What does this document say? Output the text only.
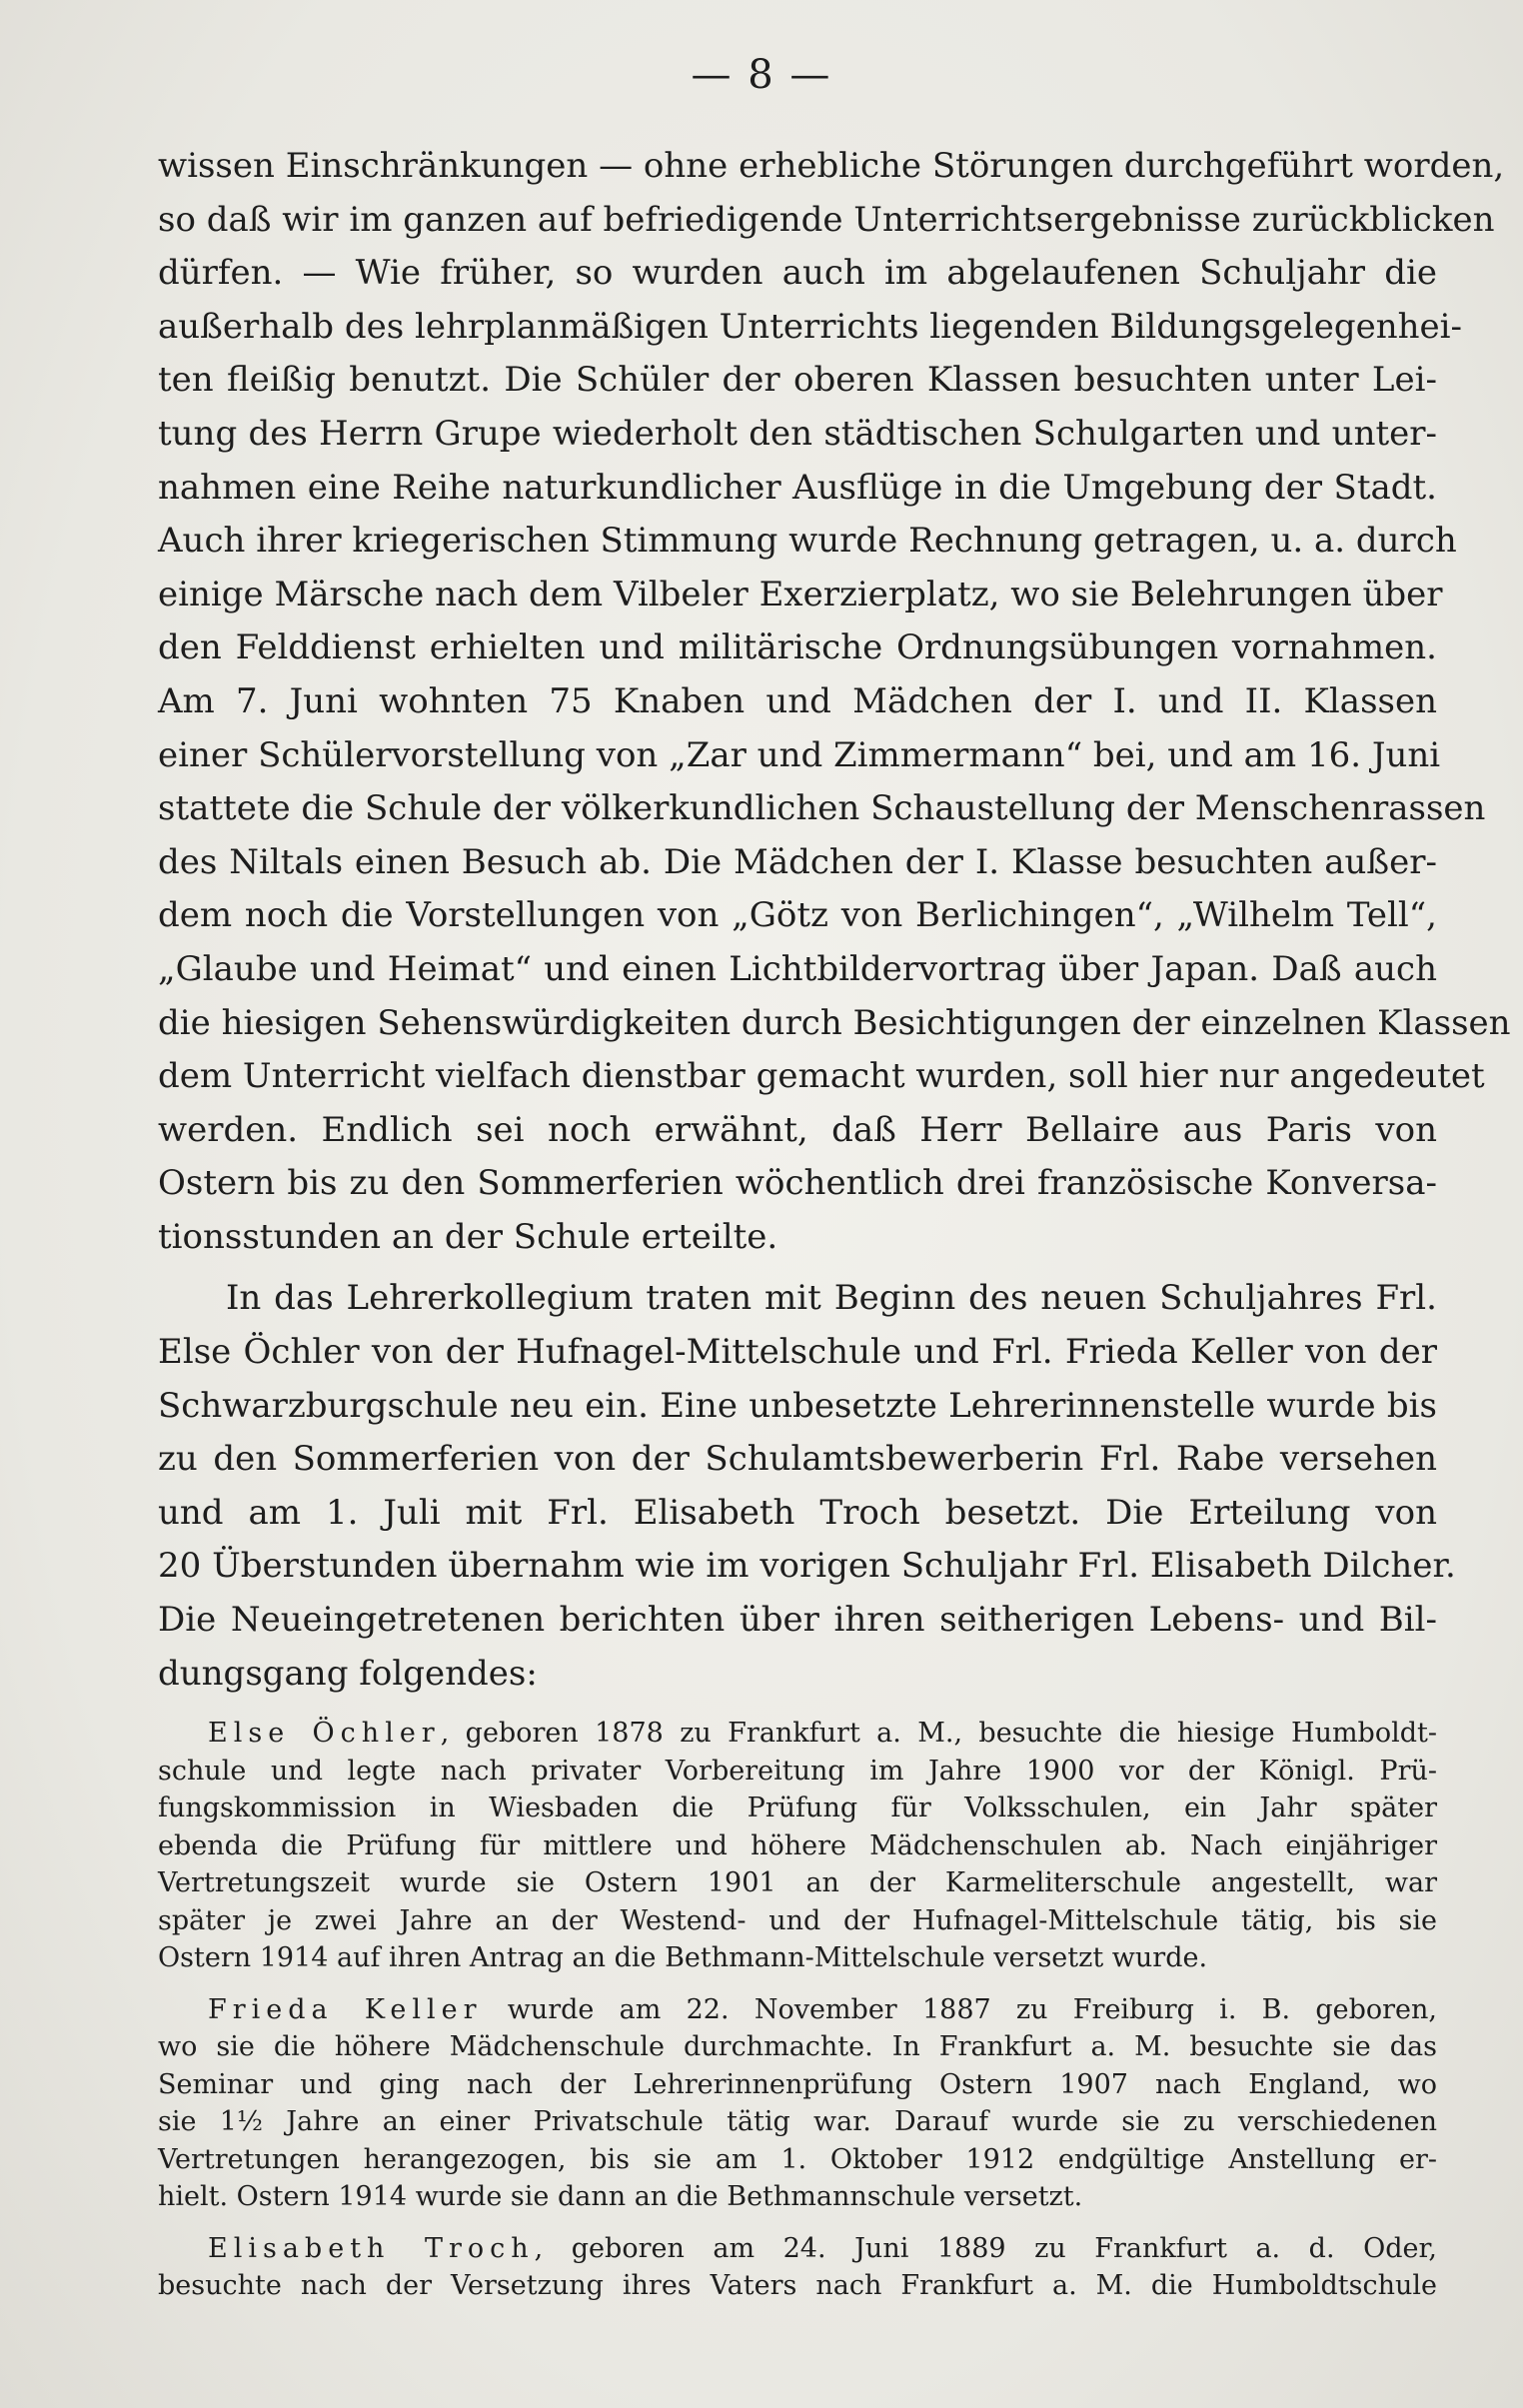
— 8 —
wissen Einschränkungen — ohne erhebliche Störungen durchgeführt worden,
so daß wir im ganzen auf befriedigende Unterrichtsergebnisse zurückblicken
dürfen. — Wie früher, so wurden auch im abgelaufenen Schuljahr die
außerhalb des lehrplanmäßigen Unterrichts liegenden Bildungsgelegenhei-
ten fleißig benutzt. Die Schüler der oberen Klassen besuchten unter Lei-
tung des Herrn Grupe wiederholt den städtischen Schulgarten und unter-
nahmen eine Reihe naturkundlicher Ausflüge in die Umgebung der Stadt.
Auch ihrer kriegerischen Stimmung wurde Rechnung getragen, u. a. durch
einige Märsche nach dem Vilbeler Exerzierplatz, wo sie Belehrungen über
den Felddienst erhielten und militärische Ordnungsübungen vornahmen.
Am 7. Juni wohnten 75 Knaben und Mädchen der I. und II. Klassen
einer Schülervorstellung von „Zar und Zimmermann“ bei, und am 16. Juni
stattete die Schule der völkerkundlichen Schaustellung der Menschenrassen
des Niltals einen Besuch ab. Die Mädchen der I. Klasse besuchten außer-
dem noch die Vorstellungen von „Götz von Berlichingen“, „Wilhelm Tell“,
„Glaube und Heimat“ und einen Lichtbildervortrag über Japan. Daß auch
die hiesigen Sehenswürdigkeiten durch Besichtigungen der einzelnen Klassen
dem Unterricht vielfach dienstbar gemacht wurden, soll hier nur angedeutet
werden. Endlich sei noch erwähnt, daß Herr Bellaire aus Paris von
Ostern bis zu den Sommerferien wöchentlich drei französische Konversa-
tionsstunden an der Schule erteilte.
In das Lehrerkollegium traten mit Beginn des neuen Schuljahres Frl.
Else Öchler von der Hufnagel-Mittelschule und Frl. Frieda Keller von der
Schwarzburgschule neu ein. Eine unbesetzte Lehrerinnenstelle wurde bis
zu den Sommerferien von der Schulamtsbewerberin Frl. Rabe versehen
und am 1. Juli mit Frl. Elisabeth Troch besetzt. Die Erteilung von
20 Überstunden übernahm wie im vorigen Schuljahr Frl. Elisabeth Dilcher.
Die Neueingetretenen berichten über ihren seitherigen Lebens- und Bil-
dungsgang folgendes:
Else Öchler, geboren 1878 zu Frankfurt a. M., besuchte die hiesige Humboldt-
schule und legte nach privater Vorbereitung im Jahre 1900 vor der Königl. Prü-
fungskommission in Wiesbaden die Prüfung für Volksschulen, ein Jahr später
ebenda die Prüfung für mittlere und höhere Mädchenschulen ab. Nach einjähriger
Vertretungszeit wurde sie Ostern 1901 an der Karmeliterschule angestellt, war
später je zwei Jahre an der Westend- und der Hufnagel-Mittelschule tätig, bis sie
Ostern 1914 auf ihren Antrag an die Bethmann-Mittelschule versetzt wurde.
Frieda Keller wurde am 22. November 1887 zu Freiburg i. B. geboren,
wo sie die höhere Mädchenschule durchmachte. In Frankfurt a. M. besuchte sie das
Seminar und ging nach der Lehrerinnenprüfung Ostern 1907 nach England, wo
sie 1½ Jahre an einer Privatschule tätig war. Darauf wurde sie zu verschiedenen
Vertretungen herangezogen, bis sie am 1. Oktober 1912 endgültige Anstellung er-
hielt. Ostern 1914 wurde sie dann an die Bethmannschule versetzt.
Elisabeth Troch, geboren am 24. Juni 1889 zu Frankfurt a. d. Oder,
besuchte nach der Versetzung ihres Vaters nach Frankfurt a. M. die Humboldtschule
